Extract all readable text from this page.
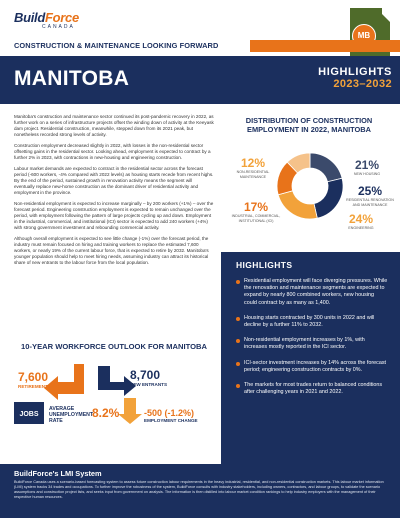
BuildForce
CANADA
MB
CONSTRUCTION & MAINTENANCE LOOKING FORWARD
MANITOBA	HIGHLIGHTS
2023–2032

Manitoba's construction and maintenance sector continued its post-pandemic recovery in 2022, as further work on a series of infrastructure projects offset the winding down of activity at the Keeyask dam project. Residential construction, meanwhile, stepped down from its 2021 peak, but nonetheless recorded strong levels of activity.

Construction employment decreased slightly in 2022, with losses in the non-residential sector offsetting gains in the residential sector. Looking ahead, employment is expected to contract by a further 2% in 2023, with contractions in new-housing and engineering construction.

Labour market demands are expected to contract in the residential sector across the forecast period (-600 workers, -4% compared with 2022 levels) as housing starts recede from recent highs. By the end of the period, sustained growth in renovation activity means the segment will eventually replace new-home construction as the dominant driver of residential activity and employment in the province.

Non-residential employment is expected to increase marginally – by 200 workers (+1%) – over the forecast period. Engineering construction employment is expected to remain unchanged over the period, with employment following the pattern of large projects cycling up and down. Employment in the industrial, commercial, and institutional (ICI) sector is expected to add 240 workers (+4%) with strong government investment and rebounding commercial activity.

Although overall employment is expected to see little change (-1%) over the forecast period, the industry must remain focused on hiring and training workers to replace the estimated 7,600 workers, or nearly 19% of the current labour force, that is expected to retire by 2032. Manitoba's younger population should help to meet hiring needs, assuming industry can attract its historical share of new entrants to the labour force from the local population.

DISTRIBUTION OF CONSTRUCTION EMPLOYMENT IN 2022, MANITOBA
21%
NEW HOUSING
25%
RESIDENTIAL RENOVATION AND MAINTENANCE
24%
ENGINEERING
17%
INDUSTRIAL, COMMERCIAL, INSTITUTIONAL (ICI)
12%
NON-RESIDENTIAL MAINTENANCE
HIGHLIGHTS
Residential employment will face diverging pressures. While the renovation and maintenance segments are expected to expand by nearly 800 combined workers, new housing could contract by as many as 1,400.
Housing starts contracted by 300 units in 2022 and will decline by a further 11% to 2032.
Non-residential employment increases by 1%, with increases mostly reported in the ICI sector.
ICI-sector investment increases by 14% across the forecast period; engineering construction contracts by 0%.
The markets for most trades return to balanced conditions after challenging years in 2021 and 2022.
10-YEAR WORKFORCE OUTLOOK FOR MANITOBA
7,600
RETIREMENTS
8,700
NEW ENTRANTS
-500 (-1.2%)
EMPLOYMENT CHANGE
JOBS
AVERAGE UNEMPLOYMENT RATE
8.2%
BuildForce's LMI System
BuildForce Canada uses a scenario-based forecasting system to assess future construction labour requirements in the heavy industrial, residential, and non-residential construction markets. This labour market information (LMI) system tracks 34 trades and occupations. To further improve the robustness of the system, BuildForce consults with industry stakeholders, including owners, contractors, and labour groups, to validate the scenario assumptions and construction project lists, and seeks input from government on analysis. The information is then distilled into labour market condition rankings to help industry employers with the management of their respective human resources.
